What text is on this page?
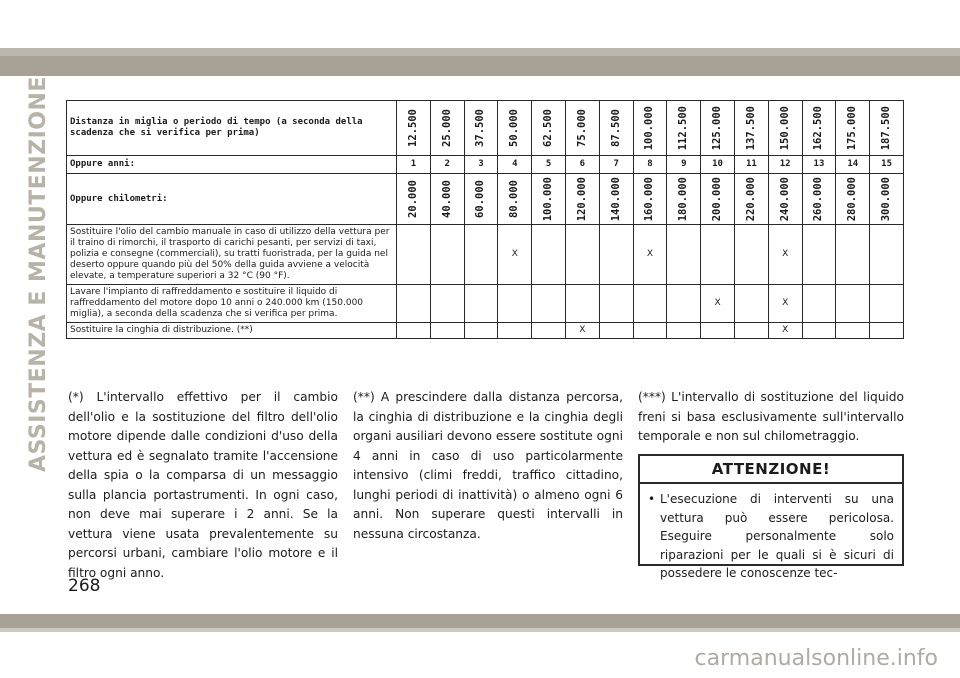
ASSISTENZA E MANUTENZIONE Distanza in miglia o periodo di tempo (a seconda della scadenza che si verifica per prima)	12.500	25.000	37.500	50.000	62.500	75.000	87.500	100.000	112.500	125.000	137.500	150.000	162.500	175.000	187.500

Oppure anni:	1	2	3	4	5	6	7	8	9	10	11	12	13	14	15
Oppure chilometri:	20.000	40.000	60.000	80.000	100.000	120.000	140.000	160.000	180.000	200.000	220.000	240.000	260.000	280.000	300.000

Sostituire l'olio del cambio manuale in caso di utilizzo della vettura per il traino di rimorchi, il trasporto di carichi pesanti, per servizi di taxi, polizia e consegne (commerciali), su tratti fuoristrada, per la guida nel deserto oppure quando più del 50% della guida avviene a velocità elevate, a temperature superiori a 32 °C (90 °F).				X				X				X			
Lavare l'impianto di raffreddamento e sostituire il liquido di raffreddamento del motore dopo 10 anni o 240.000 km (150.000 miglia), a seconda della scadenza che si verifica per prima.										X		X			
Sostituire la cinghia di distribuzione. (**)						X						X			
(*) L'intervallo effettivo per il cambio dell'olio e la sostituzione del filtro dell'olio motore dipende dalle condizioni d'uso della vettura ed è segnalato tramite l'accensione della spia o la comparsa di un messaggio sulla plancia portastrumenti. In ogni caso, non deve mai superare i 2 anni. Se la vettura viene usata prevalentemente su percorsi urbani, cambiare l'olio motore e il filtro ogni anno.
(**) A prescindere dalla distanza percorsa, la cinghia di distribuzione e la cinghia degli organi ausiliari devono essere sostitute ogni 4 anni in caso di uso particolarmente intensivo (climi freddi, traffico cittadino, lunghi periodi di inattività) o almeno ogni 6 anni. Non superare questi intervalli in nessuna circostanza.
(***) L'intervallo di sostituzione del liquido freni si basa esclusivamente sull'intervallo temporale e non sul chilometraggio.
ATTENZIONE!
• L'esecuzione di interventi su una vettura può essere pericolosa. Eseguire personalmente solo riparazioni per le quali si è sicuri di possedere le conoscenze tec-
268
carmanualsonline.info
